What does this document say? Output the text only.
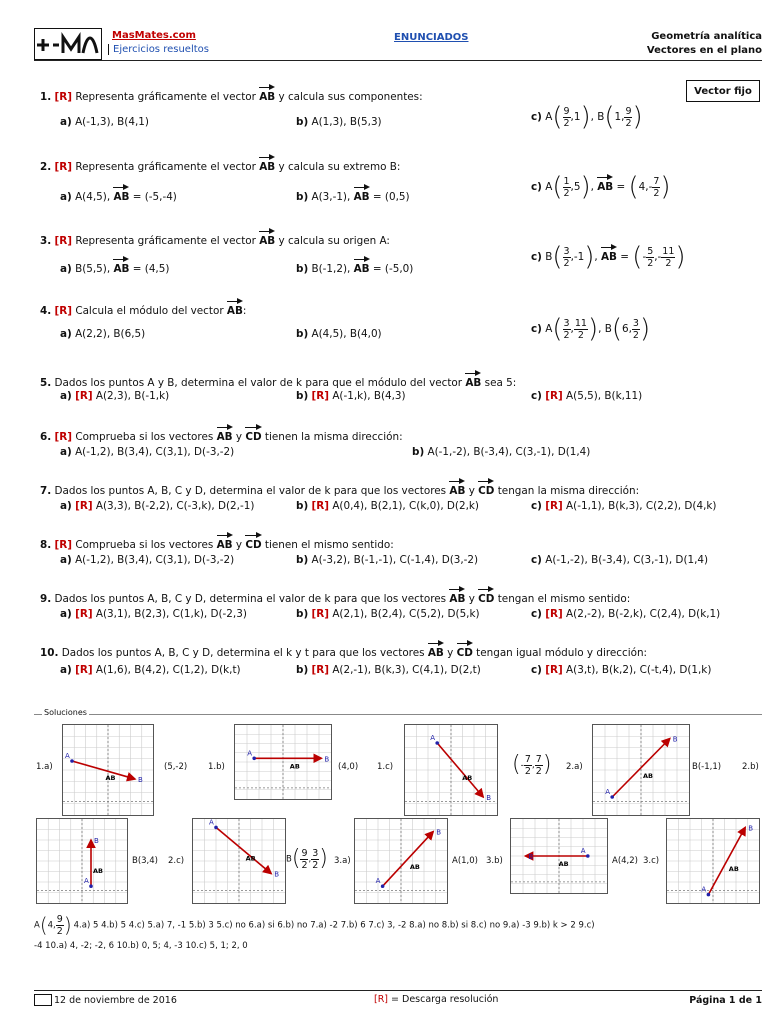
MasMates.com
Ejercicios resueltos
ENUNCIADOS	Geometría analítica
Vectores en el plano
Vector fijo
1. [R] Representa gráficamente el vector AB y calcula sus componentes:
a) A(-1,3), B(4,1)	b) A(1,3), B(5,3)	c) $A( \frac{9}{2} ,1)$, B(1, $\frac{9}{2}$ )
2. [R] Representa gráficamente el vector AB y calcula su extremo B:
a) A(4,5), AB = (-5,-4)	b) A(3,-1), AB = (0,5)
c) $A( \frac{1}{2} ,5)$, AB = ($4,- \frac{7}{2}$ )
3. [R] Representa gráficamente el vector AB y calcula su origen A:
a) B(5,5), AB = (4,5)	b) B(-1,2), AB = (-5,0)
c) $B( \frac{3}{2} ,-1)$, AB = (- $\frac{5}{2}$ ,- $\frac{11}{2}$ )
4. [R] Calcula el módulo del vector AB:
a) A(2,2), B(6,5)	b) A(4,5), B(4,0)	c) $A( \frac{3}{2}$ , $\frac{11}{2}$ ), B(6, $\frac{3}{2}$ )
5. Dados los puntos A y B, determina el valor de k para que el módulo del vector AB sea 5:
a) [R] A(2,3), B(-1,k)	b) [R] A(-1,k), B(4,3)	c) [R] A(5,5), B(k,11)
6. [R] Comprueba si los vectores AB y CD tienen la misma dirección:
a) A(-1,2), B(3,4), C(3,1), D(-3,-2)	b) A(-1,-2), B(-3,4), C(3,-1), D(1,4)
7. Dados los puntos A, B, C y D, determina el valor de k para que los vectores AB y CD tengan la misma dirección:
a) [R] A(3,3), B(-2,2), C(-3,k), D(2,-1)	b) [R] A(0,4), B(2,1), C(k,0), D(2,k)	c) [R] A(-1,1), B(k,3), C(2,2), D(4,k)
8. [R] Comprueba si los vectores AB y CD tienen el mismo sentido:
a) A(-1,2), B(3,4), C(3,1), D(-3,-2)	b) A(-3,2), B(-1,-1), C(-1,4), D(3,-2)	c) A(-1,-2), B(-3,4), C(3,-1), D(1,4)
9. Dados los puntos A, B, C y D, determina el valor de k para que los vectores AB y CD tengan el mismo sentido:
a) [R] A(3,1), B(2,3), C(1,k), D(-2,3)	b) [R] A(2,1), B(2,4), C(5,2), D(5,k)	c) [R] A(2,-2), B(-2,k), C(2,4), D(k,1)
10. Dados los puntos A, B, C y D, determina el k y t para que los vectores AB y CD tengan igual módulo y dirección:
a) [R] A(1,6), B(4,2), C(1,2), D(k,t)	b) [R] A(2,-1), B(k,3), C(4,1), D(2,t)	c) [R] A(3,t), B(k,2), C(-t,4), D(1,k)
Soluciones
A
B
AB
A
B
AB
A
B
AB
A
B
AB
A
B
AB
A
B
AB
A
B
AB
A
B
AB
A
B
AB
1.a)	(5,-2) 1.b)	(4,0) 1.c)	(- $\frac{7}{2}$ , $\frac{7}{2}$ ) 2.a)	B(-1,1) 2.b)
B(3,4) 2.c)	$B( \frac{9}{2}$ , $\frac{3}{2}$ ) 3.a)	A(1,0) 3.b)	A(4,2) 3.c)
A(4, $\frac{9}{2}$ ) 4.a) 5 4.b) 5 4.c) 5.a) 7, -1 5.b) 3 5.c) no 6.a) si 6.b) no 7.a) -2 7.b) 6 7.c) 3, -2 8.a) no 8.b) si 8.c) no 9.a) -3 9.b) k > 2 9.c)
-4 10.a) 4, -2; -2, 6 10.b) 0, 5; 4, -3 10.c) 5, 1; 2, 0
12 de noviembre de 2016	[R] = Descarga resolución	Página 1 de 1
